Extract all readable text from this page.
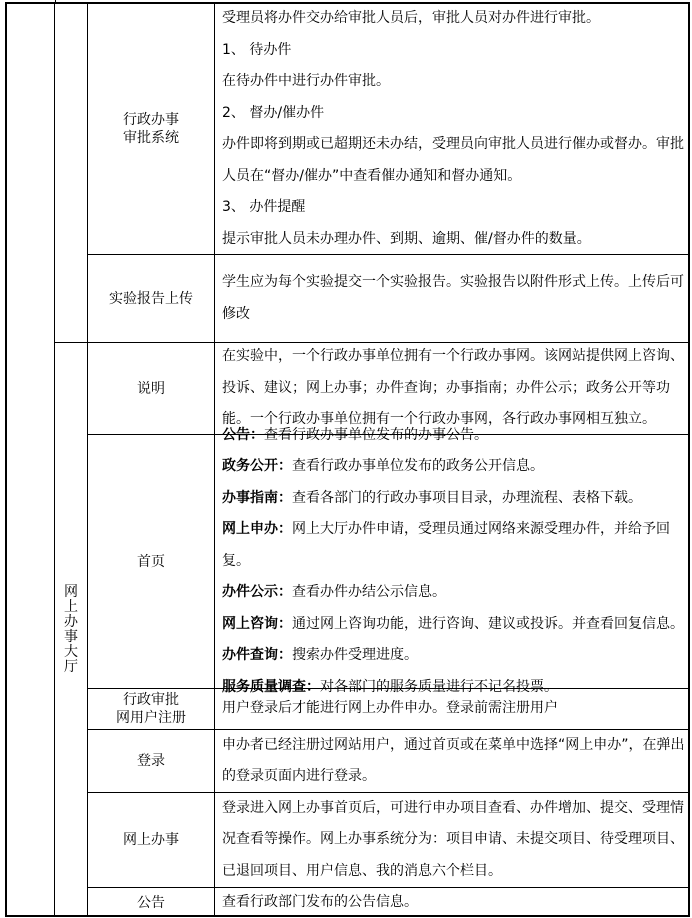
网
上
办
事
大
厅
行政办事
审批系统

受理员将办件交办给审批人员后，审批人员对办件进行审批。

1、 待办件

在待办件中进行办件审批。

2、 督办/催办件

办件即将到期或已超期还未办结，受理员向审批人员进行催办或督办。审批人员在“督办/催办”中查看催办通知和督办通知。

3、 办件提醒

提示审批人员未办理办件、到期、逾期、催/督办件的数量。

实验报告上传

学生应为每个实验提交一个实验报告。实验报告以附件形式上传。上传后可修改

说明

在实验中，一个行政办事单位拥有一个行政办事网。该网站提供网上咨询、投诉、建议；网上办事；办件查询；办事指南；办件公示；政务公开等功能。一个行政办事单位拥有一个行政办事网，各行政办事网相互独立。

首页

公告：查看行政办事单位发布的办事公告。

政务公开：查看行政办事单位发布的政务公开信息。

办事指南：查看各部门的行政办事项目目录，办理流程、表格下载。

网上申办：网上大厅办件申请，受理员通过网络来源受理办件，并给予回复。

办件公示：查看办件办结公示信息。

网上咨询：通过网上咨询功能，进行咨询、建议或投诉。并查看回复信息。

办件查询：搜索办件受理进度。

服务质量调查：对各部门的服务质量进行不记名投票。

行政审批
网用户注册

用户登录后才能进行网上办件申办。登录前需注册用户

登录

申办者已经注册过网站用户，通过首页或在菜单中选择“网上申办”，在弹出的登录页面内进行登录。

网上办事

登录进入网上办事首页后，可进行申办项目查看、办件增加、提交、受理情况查看等操作。网上办事系统分为：项目申请、未提交项目、待受理项目、已退回项目、用户信息、我的消息六个栏目。

公告	查看行政部门发布的公告信息。
